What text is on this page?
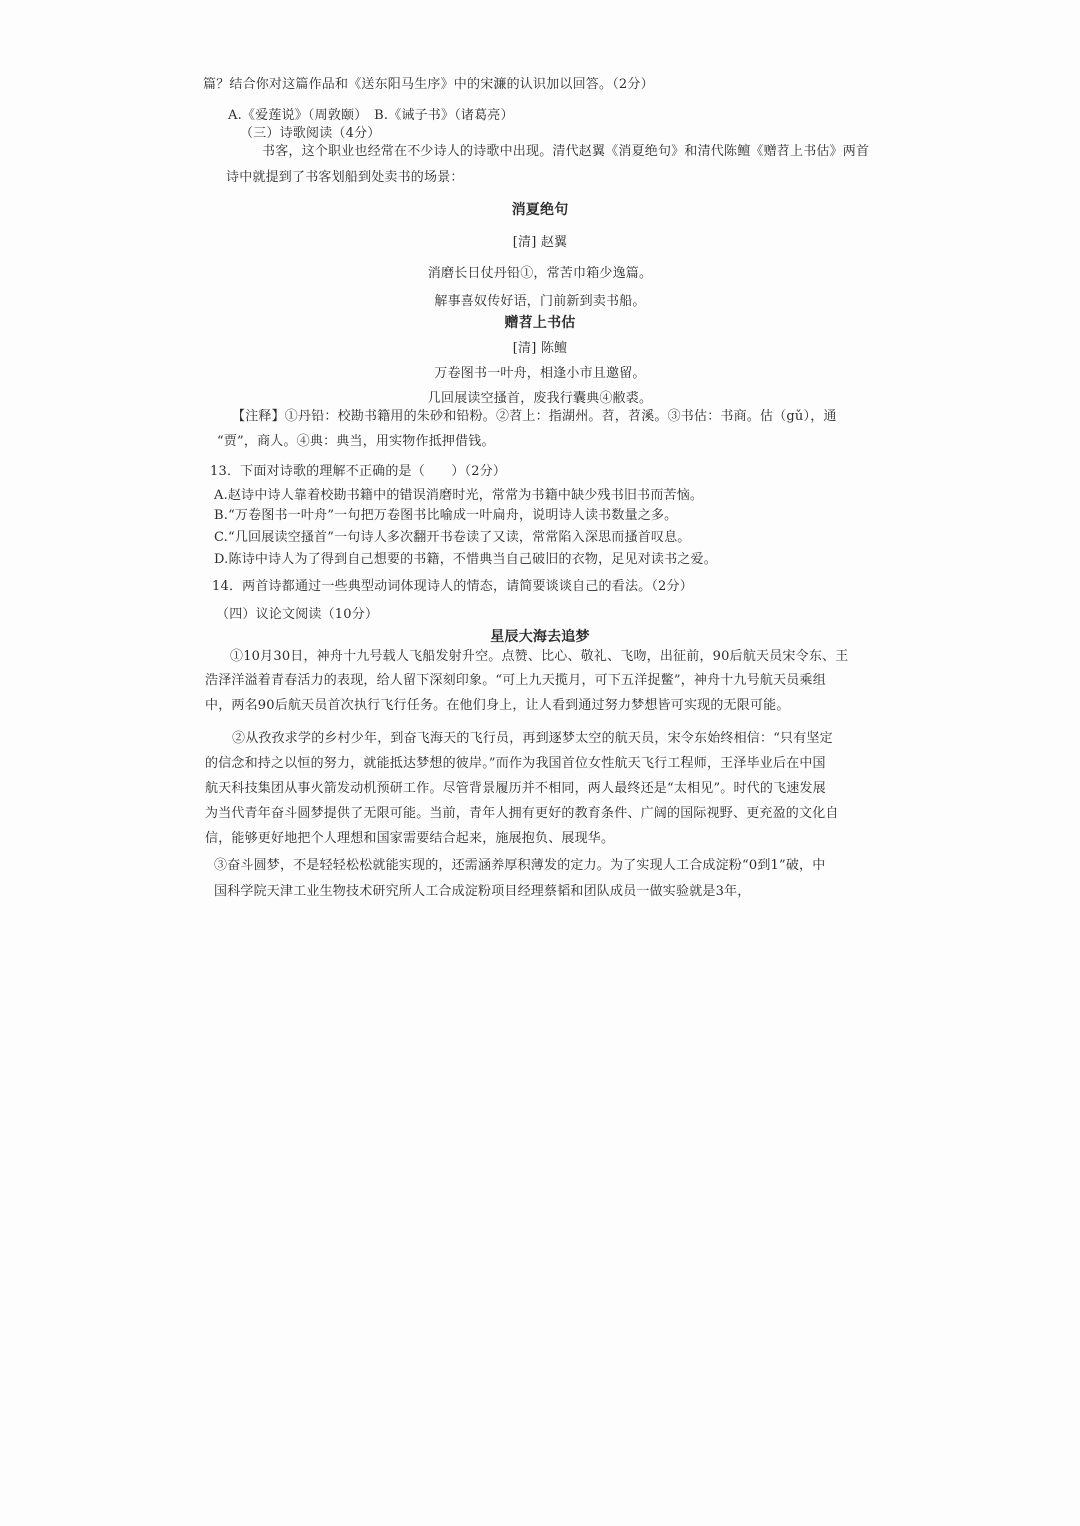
篇？结合你对这篇作品和《送东阳马生序》中的宋濂的认识加以回答。（2分）
A.《爱莲说》（周敦颐）　B.《诫子书》（诸葛亮）
（三）诗歌阅读（4分）
书客，这个职业也经常在不少诗人的诗歌中出现。清代赵翼《消夏绝句》和清代陈鳣《赠苕上书估》两首
诗中就提到了书客划船到处卖书的场景：
消夏绝句
[清] 赵翼
消磨长日仗丹铅①，常苦巾箱少逸篇。
解事喜奴传好语，门前新到卖书船。
赠苕上书估
[清] 陈鳣
万卷图书一叶舟，相逢小市且邀留。
几回展读空搔首，废我行囊典④敝裘。
【注释】①丹铅：校勘书籍用的朱砂和铅粉。②苕上：指湖州。苕，苕溪。③书估：书商。估（gǔ），通
“贾”，商人。④典：典当，用实物作抵押借钱。
13．下面对诗歌的理解不正确的是（　　）（2分）
A.赵诗中诗人靠着校勘书籍中的错误消磨时光，常常为书籍中缺少残书旧书而苦恼。
B.“万卷图书一叶舟”一句把万卷图书比喻成一叶扁舟，说明诗人读书数量之多。
C.“几回展读空搔首”一句诗人多次翻开书卷读了又读，常常陷入深思而搔首叹息。
D.陈诗中诗人为了得到自己想要的书籍，不惜典当自己破旧的衣物，足见对读书之爱。
14．两首诗都通过一些典型动词体现诗人的情态，请简要谈谈自己的看法。（2分）
（四）议论文阅读（10分）
星辰大海去追梦
①10月30日，神舟十九号载人飞船发射升空。点赞、比心、敬礼、飞吻，出征前，90后航天员宋令东、王
浩泽洋溢着青春活力的表现，给人留下深刻印象。“可上九天揽月，可下五洋捉鳖”，神舟十九号航天员乘组
中，两名90后航天员首次执行飞行任务。在他们身上，让人看到通过努力梦想皆可实现的无限可能。
②从孜孜求学的乡村少年，到奋飞海天的飞行员，再到逐梦太空的航天员，宋令东始终相信：“只有坚定
的信念和持之以恒的努力，就能抵达梦想的彼岸。”而作为我国首位女性航天飞行工程师，王泽毕业后在中国
航天科技集团从事火箭发动机预研工作。尽管背景履历并不相同，两人最终还是“太相见”。时代的飞速发展
为当代青年奋斗圆梦提供了无限可能。当前，青年人拥有更好的教育条件、广阔的国际视野、更充盈的文化自
信，能够更好地把个人理想和国家需要结合起来，施展抱负、展现华。
③奋斗圆梦，不是轻轻松松就能实现的，还需涵养厚积薄发的定力。为了实现人工合成淀粉“0到1”破，中
国科学院天津工业生物技术研究所人工合成淀粉项目经理蔡韬和团队成员一做实验就是3年，
